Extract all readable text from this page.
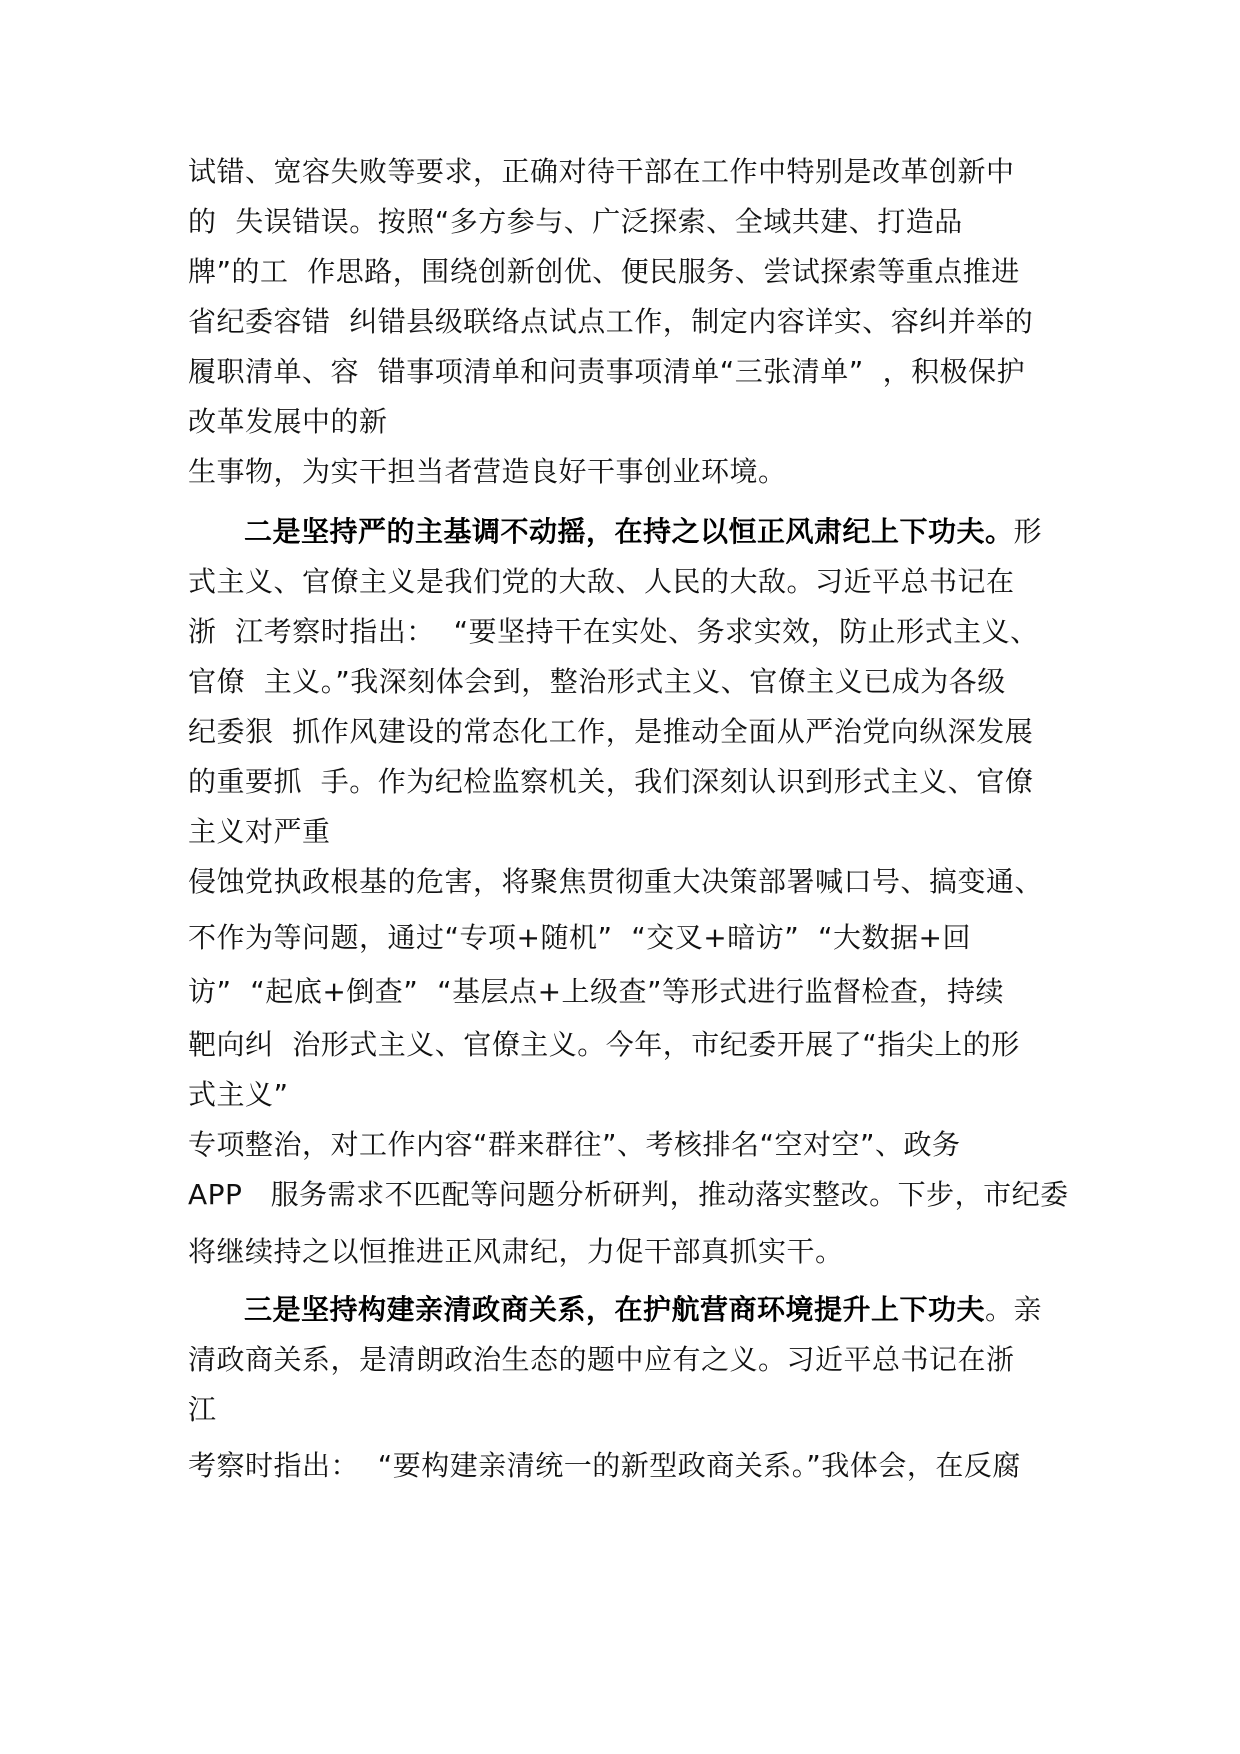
试错、宽容失败等要求，正确对待干部在工作中特别是改革创新中
的  失误错误。按照“多方参与、广泛探索、全域共建、打造品
牌”的工  作思路，围绕创新创优、便民服务、尝试探索等重点推进
省纪委容错  纠错县级联络点试点工作，制定内容详实、容纠并举的
履职清单、容  错事项清单和问责事项清单“三张清单”  ，积极保护
改革发展中的新
生事物，为实干担当者营造良好干事创业环境。
二是坚持严的主基调不动摇，在持之以恒正风肃纪上下功夫。形
式主义、官僚主义是我们党的大敌、人民的大敌。习近平总书记在
浙  江考察时指出：  “要坚持干在实处、务求实效，防止形式主义、
官僚  主义。”我深刻体会到，整治形式主义、官僚主义已成为各级
纪委狠  抓作风建设的常态化工作，是推动全面从严治党向纵深发展
的重要抓  手。作为纪检监察机关，我们深刻认识到形式主义、官僚
主义对严重
侵蚀党执政根基的危害，将聚焦贯彻重大决策部署喊口号、搞变通、
不作为等问题，通过“专项+随机”  “交叉+暗访”  “大数据+回
访”  “起底+倒查”  “基层点+上级查”等形式进行监督检查，持续
靶向纠  治形式主义、官僚主义。今年，市纪委开展了“指尖上的形
式主义”
专项整治，对工作内容“群来群往”、考核排名“空对空”、政务
APP   服务需求不匹配等问题分析研判，推动落实整改。下步，市纪委
将继续持之以恒推进正风肃纪，力促干部真抓实干。
三是坚持构建亲清政商关系，在护航营商环境提升上下功夫。亲
清政商关系，是清朗政治生态的题中应有之义。习近平总书记在浙
江
考察时指出：  “要构建亲清统一的新型政商关系。”我体会，在反腐
